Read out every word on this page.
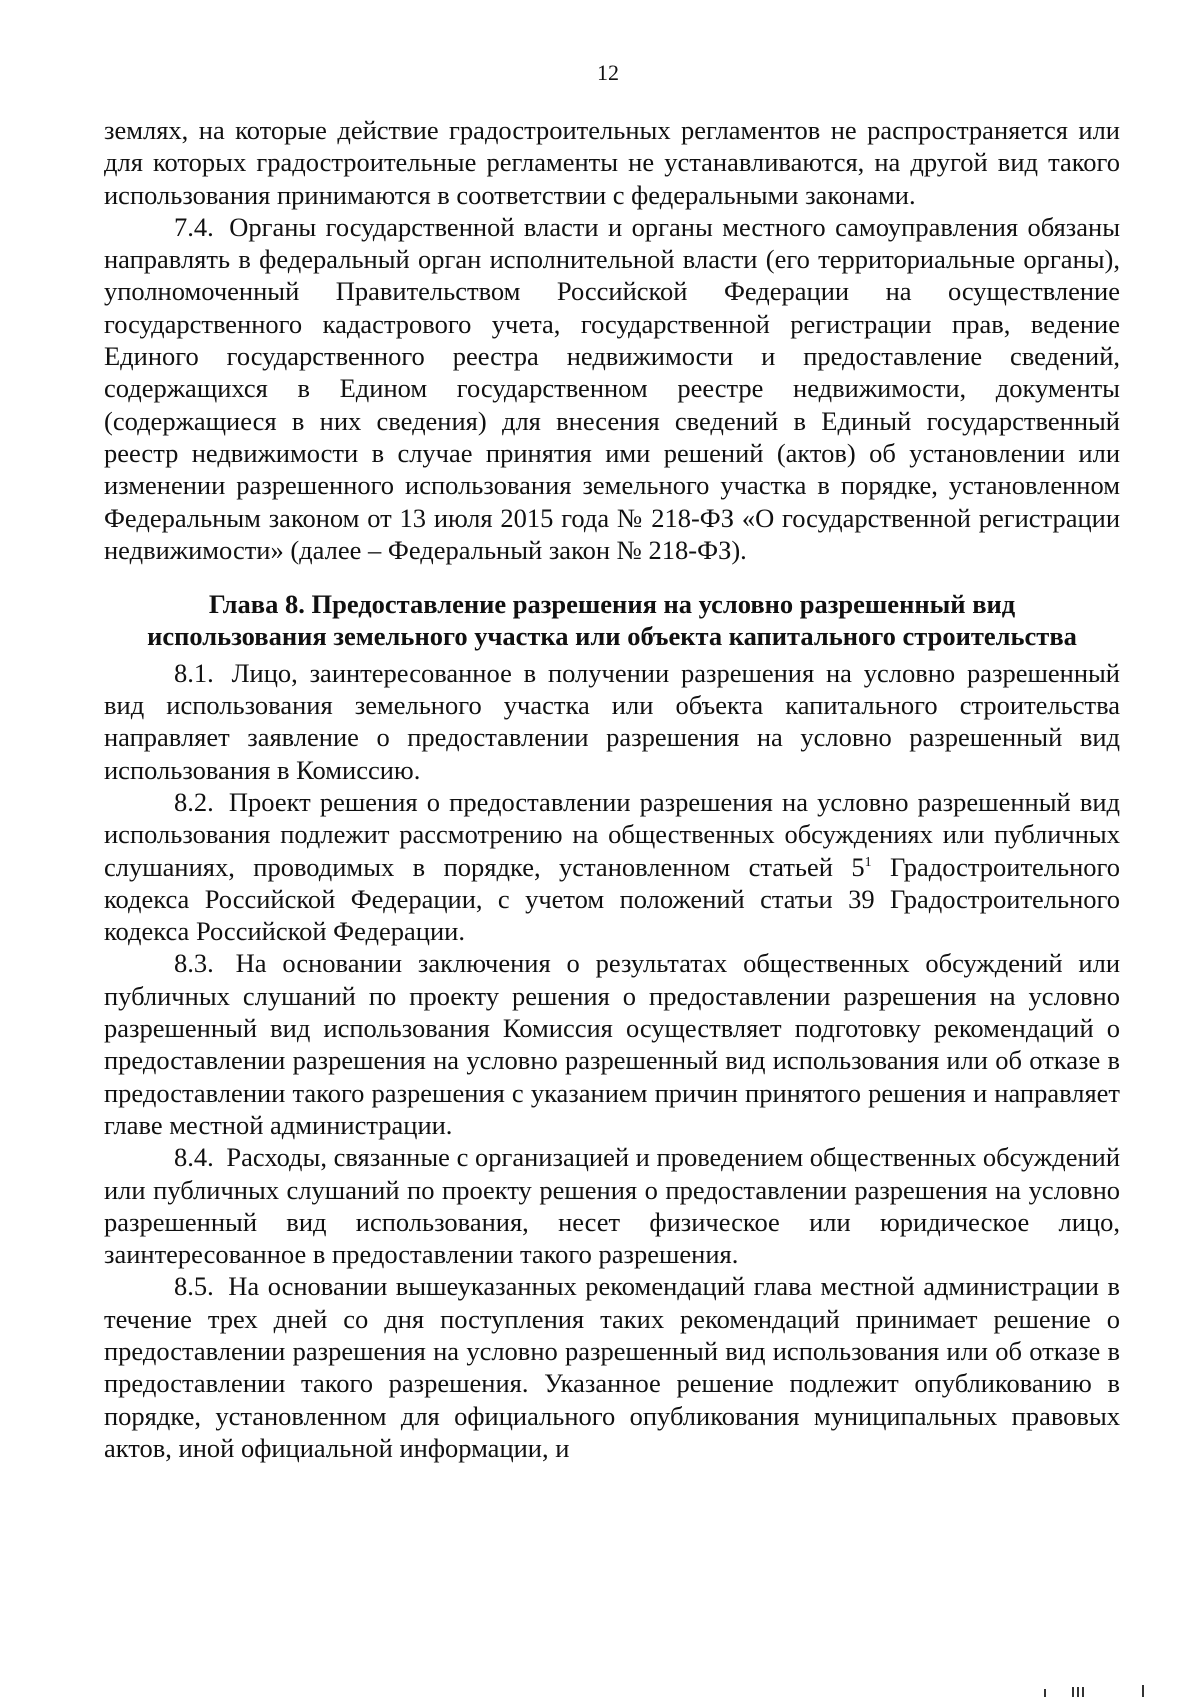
12

землях, на которые действие градостроительных регламентов не распространяется или для которых градостроительные регламенты не устанавливаются, на другой вид такого использования принимаются в соответствии с федеральными законами.

7.4. Органы государственной власти и органы местного самоуправления обязаны направлять в федеральный орган исполнительной власти (его территориальные органы), уполномоченный Правительством Российской Федерации на осуществление государственного кадастрового учета, государственной регистрации прав, ведение Единого государственного реестра недвижимости и предоставление сведений, содержащихся в Едином государственном реестре недвижимости, документы (содержащиеся в них сведения) для внесения сведений в Единый государственный реестр недвижимости в случае принятия ими решений (актов) об установлении или изменении разрешенного использования земельного участка в порядке, установленном Федеральным законом от 13 июля 2015 года № 218-ФЗ «О государственной регистрации недвижимости» (далее – Федеральный закон № 218-ФЗ).

Глава 8. Предоставление разрешения на условно разрешенный вид
использования земельного участка или объекта капитального строительства

8.1. Лицо, заинтересованное в получении разрешения на условно разрешенный вид использования земельного участка или объекта капитального строительства направляет заявление о предоставлении разрешения на условно разрешенный вид использования в Комиссию.

8.2. Проект решения о предоставлении разрешения на условно разрешенный вид использования подлежит рассмотрению на общественных обсуждениях или публичных слушаниях, проводимых в порядке, установленном статьей $5^1$ Градостроительного кодекса Российской Федерации, с учетом положений статьи 39 Градостроительного кодекса Российской Федерации.

8.3. На основании заключения о результатах общественных обсуждений или публичных слушаний по проекту решения о предоставлении разрешения на условно разрешенный вид использования Комиссия осуществляет подготовку рекомендаций о предоставлении разрешения на условно разрешенный вид использования или об отказе в предоставлении такого разрешения с указанием причин принятого решения и направляет главе местной администрации.

8.4. Расходы, связанные с организацией и проведением общественных обсуждений или публичных слушаний по проекту решения о предоставлении разрешения на условно разрешенный вид использования, несет физическое или юридическое лицо, заинтересованное в предоставлении такого разрешения.

8.5. На основании вышеуказанных рекомендаций глава местной администрации в течение трех дней со дня поступления таких рекомендаций принимает решение о предоставлении разрешения на условно разрешенный вид использования или об отказе в предоставлении такого разрешения. Указанное решение подлежит опубликованию в порядке, установленном для официального опубликования муниципальных правовых актов, иной официальной информации, и
